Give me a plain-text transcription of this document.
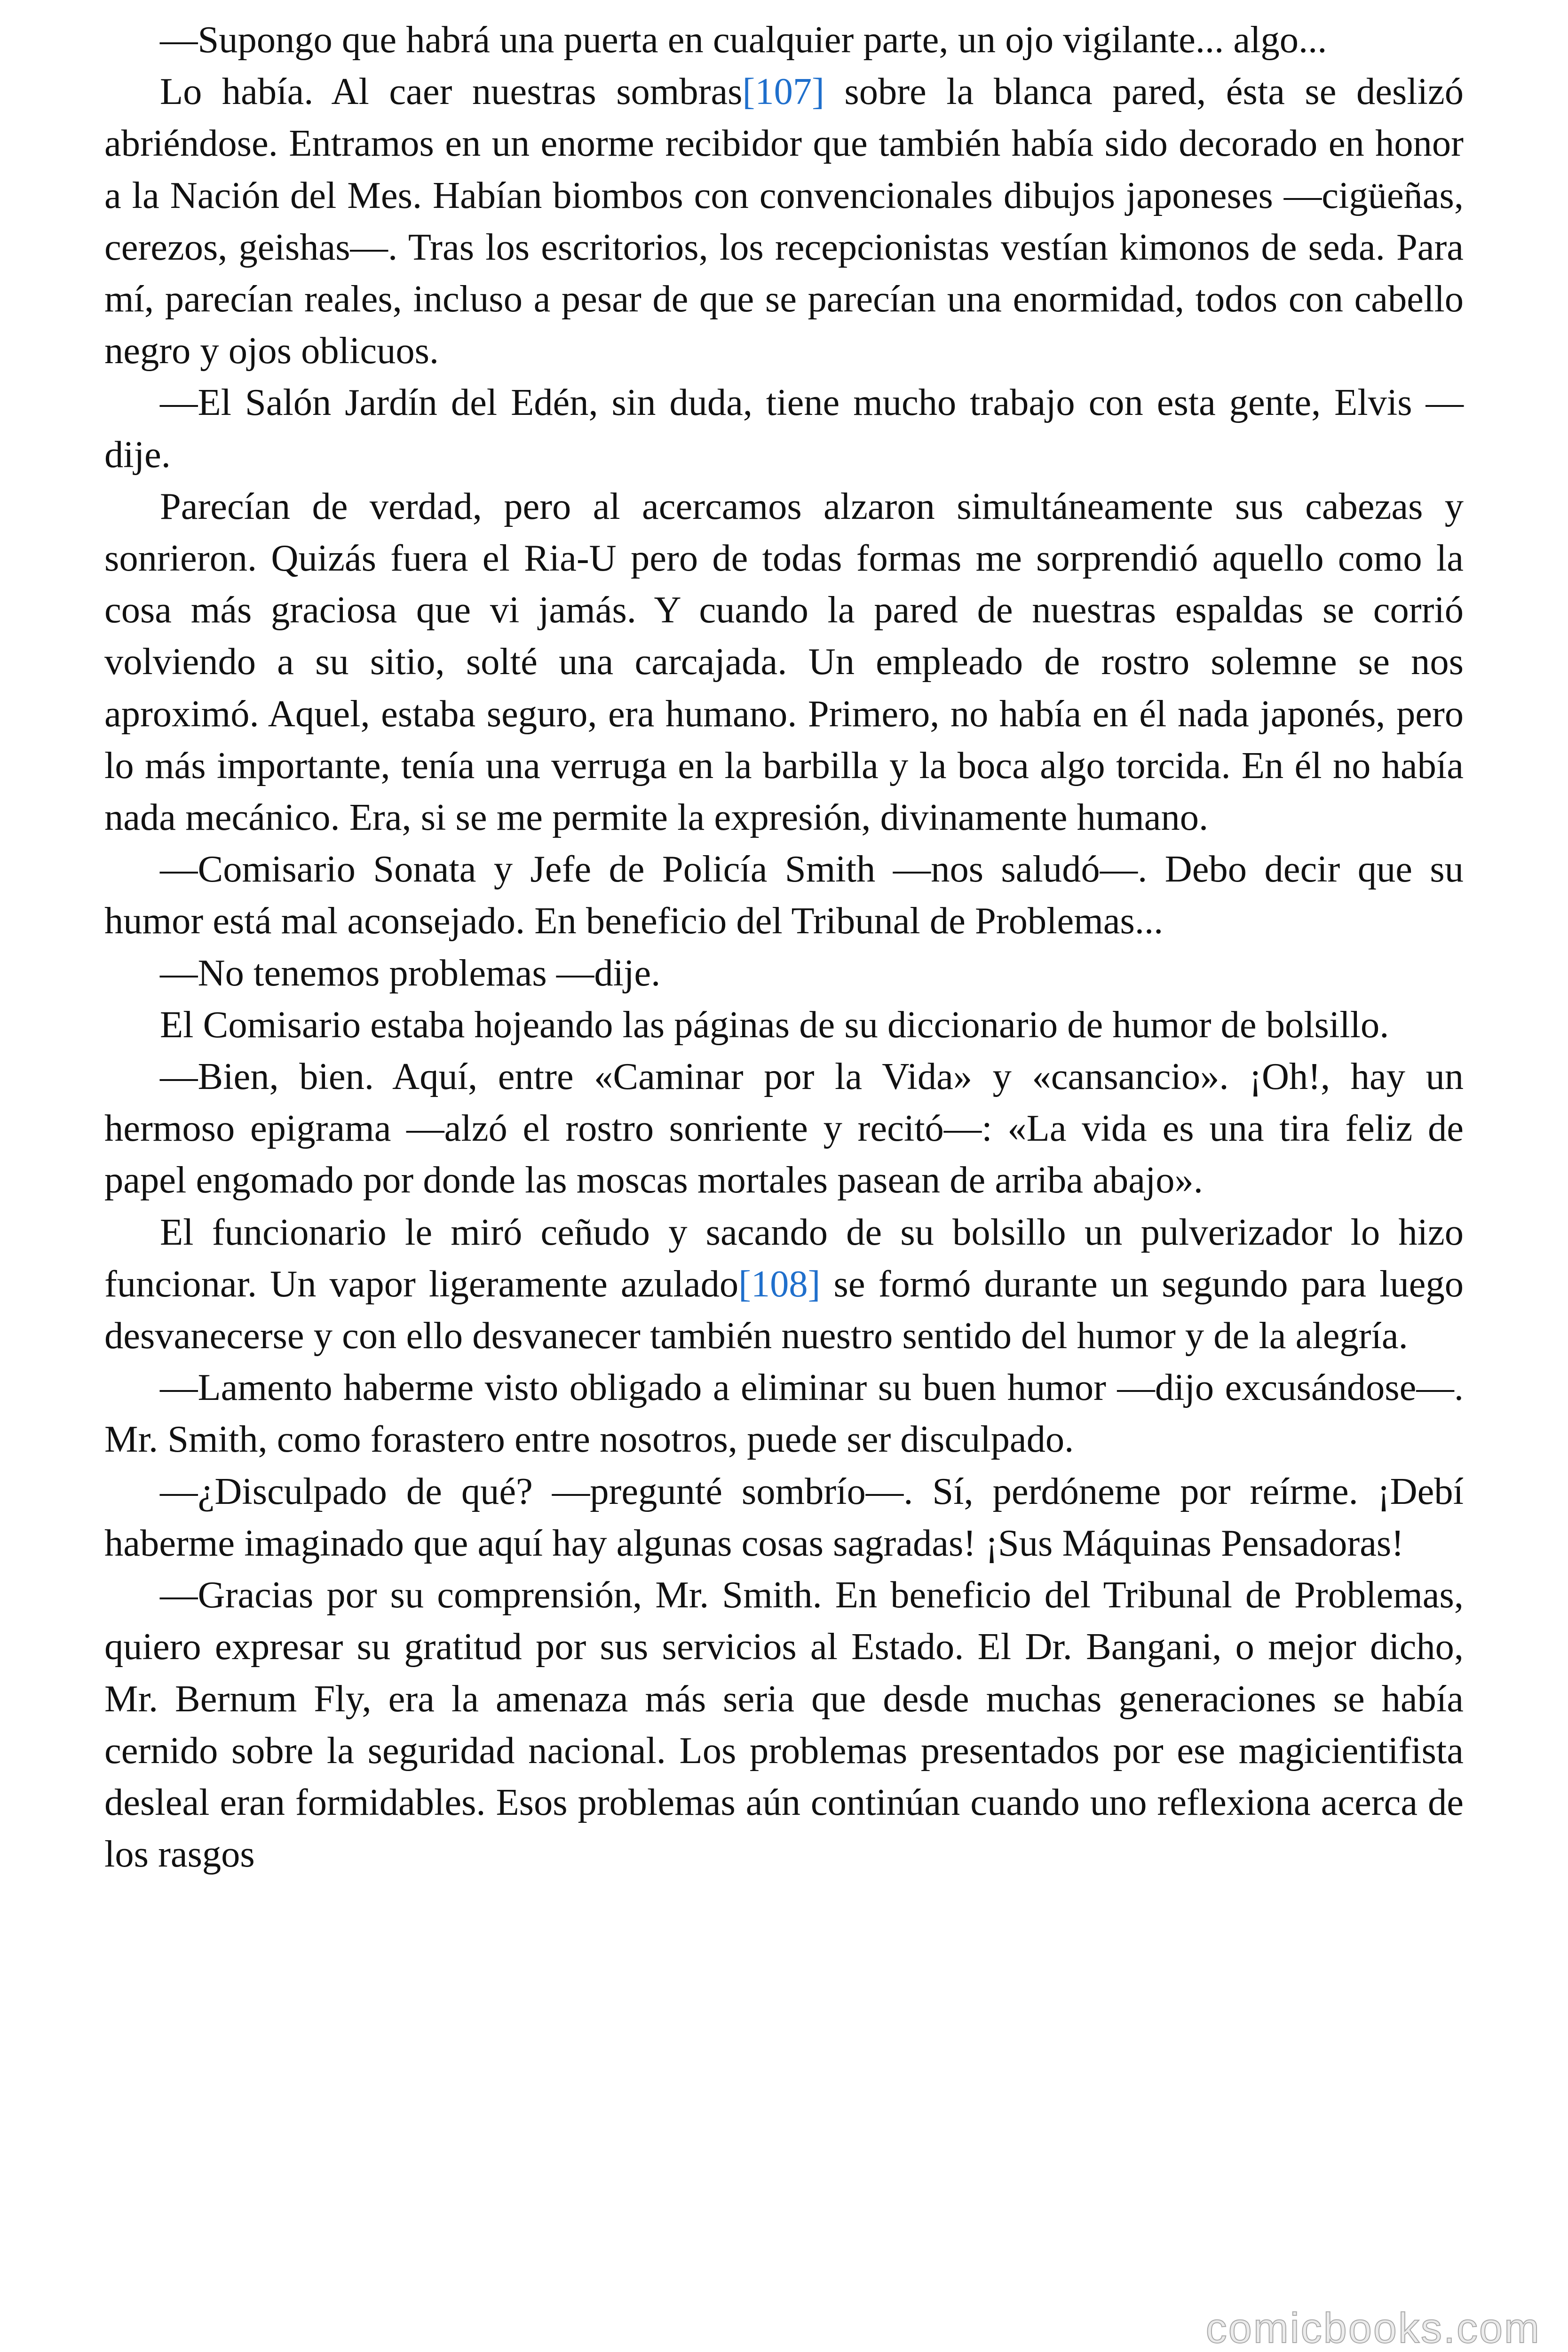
—Supongo que habrá una puerta en cualquier parte, un ojo vigilante... algo...

Lo había. Al caer nuestras sombras[107] sobre la blanca pared, ésta se deslizó abriéndose. Entramos en un enorme recibidor que también había sido decorado en honor a la Nación del Mes. Habían biombos con convencionales dibujos japoneses —cigüeñas, cerezos, geishas—. Tras los escritorios, los recepcionistas vestían kimonos de seda. Para mí, parecían reales, incluso a pesar de que se parecían una enormidad, todos con cabello negro y ojos oblicuos.

—El Salón Jardín del Edén, sin duda, tiene mucho trabajo con esta gente, Elvis —dije.

Parecían de verdad, pero al acercamos alzaron simultáneamente sus cabezas y sonrieron. Quizás fuera el Ria-U pero de todas formas me sorprendió aquello como la cosa más graciosa que vi jamás. Y cuando la pared de nuestras espaldas se corrió volviendo a su sitio, solté una carcajada. Un empleado de rostro solemne se nos aproximó. Aquel, estaba seguro, era humano. Primero, no había en él nada japonés, pero lo más importante, tenía una verruga en la barbilla y la boca algo torcida. En él no había nada mecánico. Era, si se me permite la expresión, divinamente humano.

—Comisario Sonata y Jefe de Policía Smith —nos saludó—. Debo decir que su humor está mal aconsejado. En beneficio del Tribunal de Problemas...

—No tenemos problemas —dije.

El Comisario estaba hojeando las páginas de su diccionario de humor de bolsillo.

—Bien, bien. Aquí, entre «Caminar por la Vida» y «cansancio». ¡Oh!, hay un hermoso epigrama —alzó el rostro sonriente y recitó—: «La vida es una tira feliz de papel engomado por donde las moscas mortales pasean de arriba abajo».

El funcionario le miró ceñudo y sacando de su bolsillo un pulverizador lo hizo funcionar. Un vapor ligeramente azulado[108] se formó durante un segundo para luego desvanecerse y con ello desvanecer también nuestro sentido del humor y de la alegría.

—Lamento haberme visto obligado a eliminar su buen humor —dijo excusándose—. Mr. Smith, como forastero entre nosotros, puede ser disculpado.

—¿Disculpado de qué? —pregunté sombrío—. Sí, perdóneme por reírme. ¡Debí haberme imaginado que aquí hay algunas cosas sagradas! ¡Sus Máquinas Pensadoras!

—Gracias por su comprensión, Mr. Smith. En beneficio del Tribunal de Problemas, quiero expresar su gratitud por sus servicios al Estado. El Dr. Bangani, o mejor dicho, Mr. Bernum Fly, era la amenaza más seria que desde muchas generaciones se había cernido sobre la seguridad nacional. Los problemas presentados por ese magicientifista desleal eran formidables. Esos problemas aún continúan cuando uno reflexiona acerca de los rasgos

comicbooks.com
